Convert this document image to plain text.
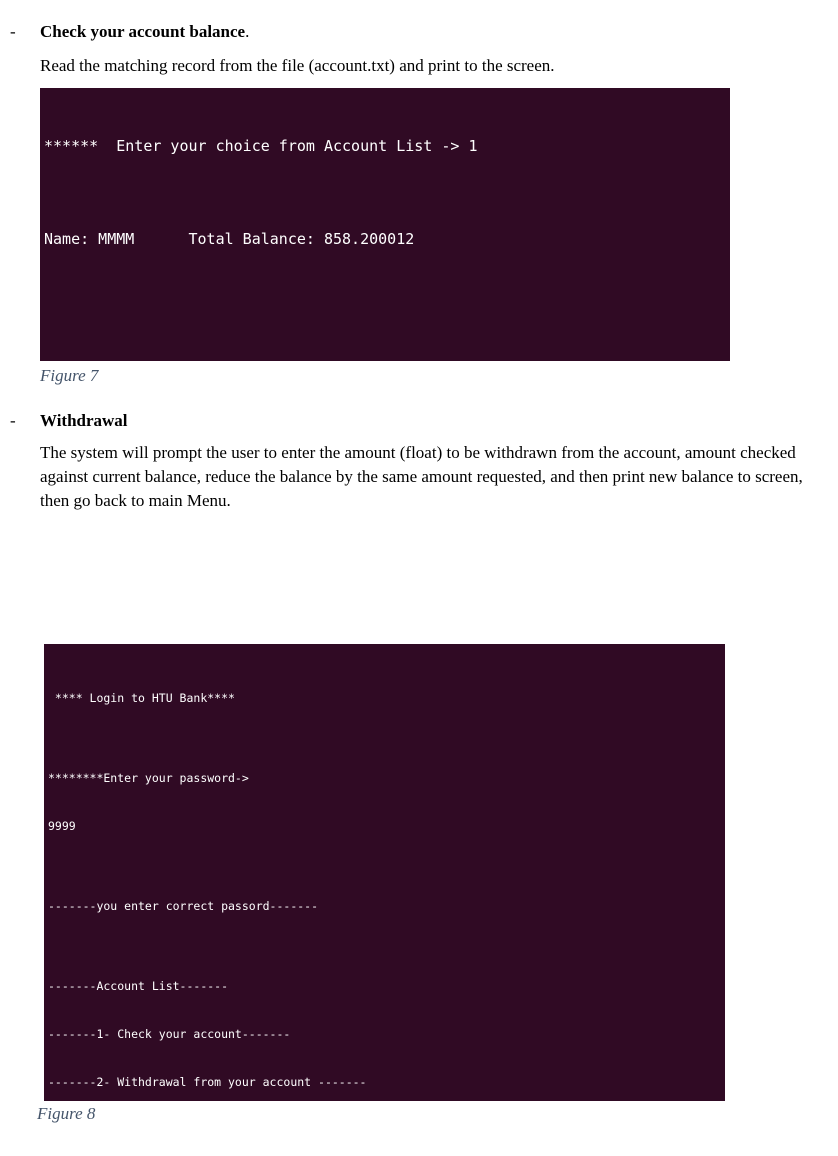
- Check your account balance.
Read the matching record from the file (account.txt) and print to the screen.

******  Enter your choice from Account List -> 1

Name: MMMM      Total Balance: 858.200012

Figure 7
- Withdrawal
The system will prompt the user to enter the amount (float) to be withdrawn from the account, amount checked against current balance, reduce the balance by the same amount requested, and then print new balance to screen, then go back to main Menu.

**** Login to HTU Bank****

********Enter your password->

9999

-------you enter correct passord-------

-------Account List-------

-------1- Check your account-------

-------2- Withdrawal from your account -------

Figure 8
